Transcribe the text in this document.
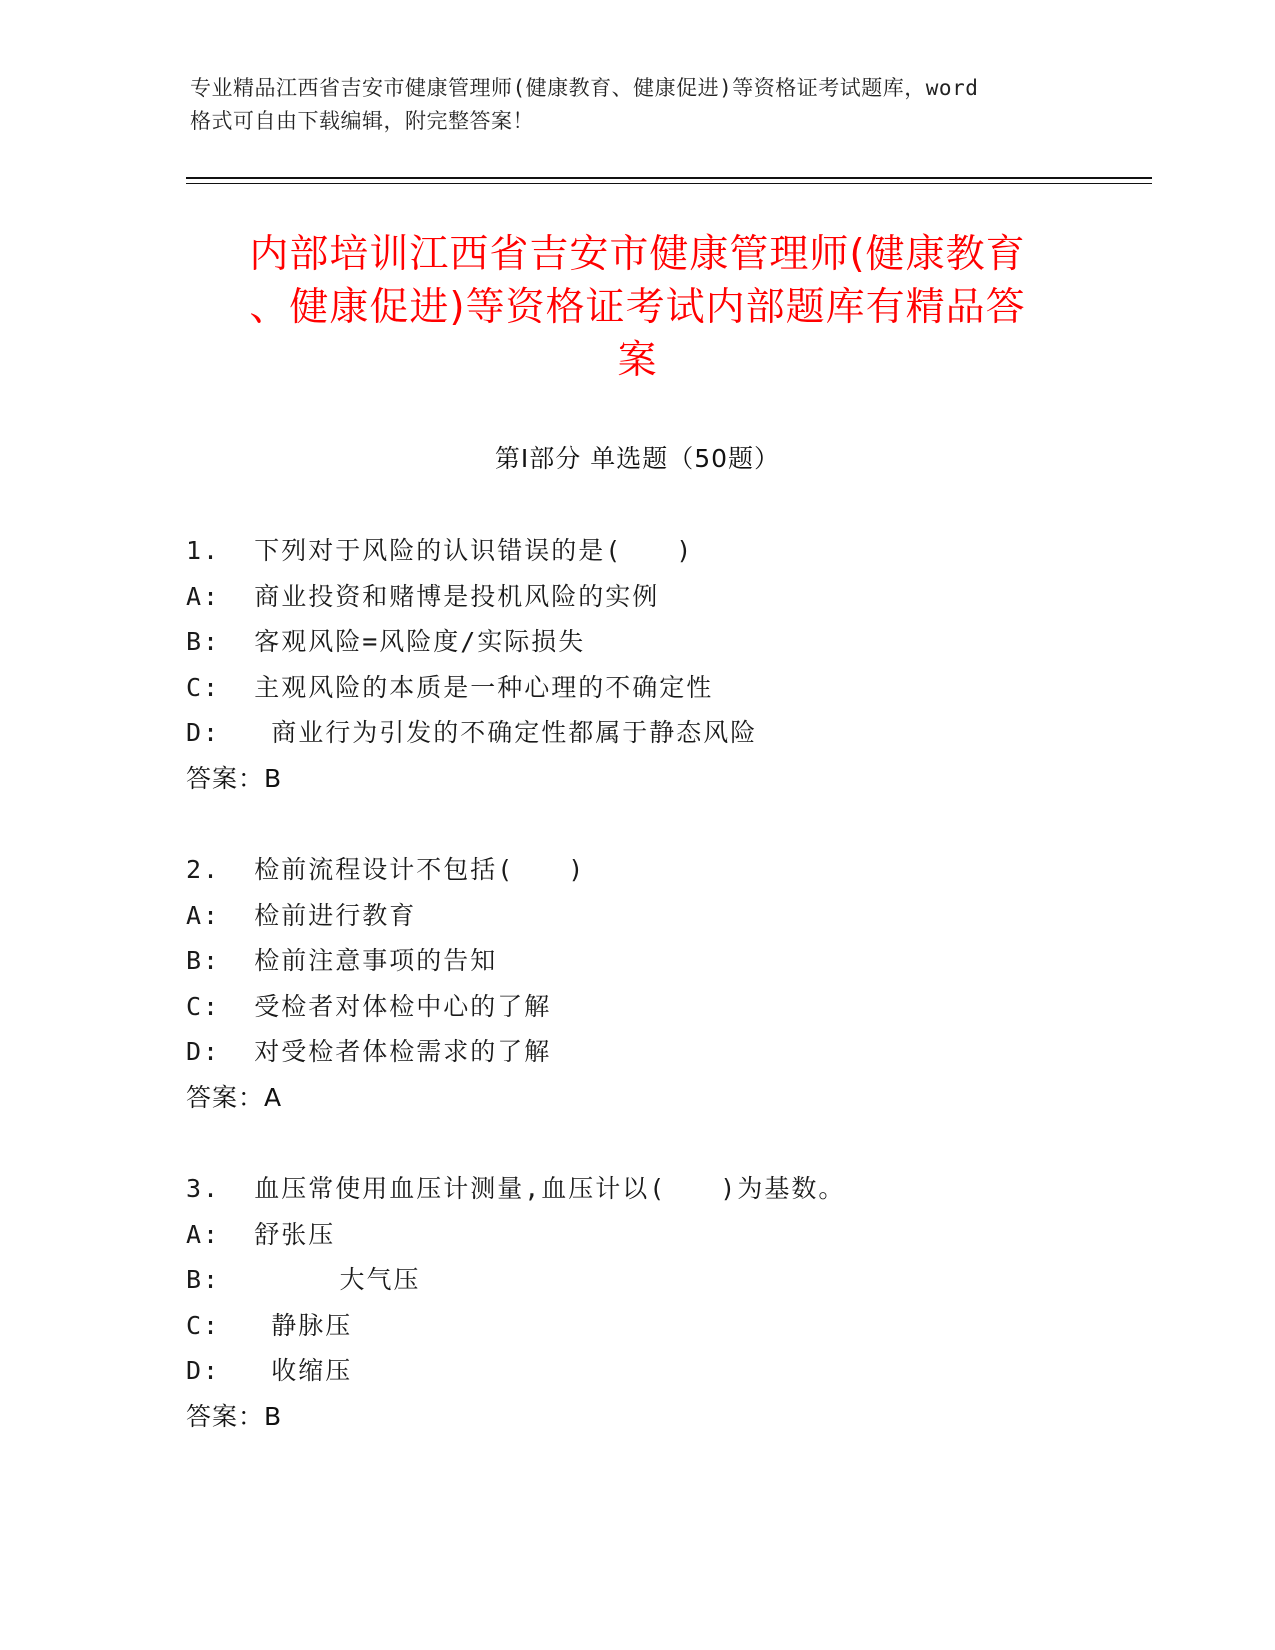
专业精品江西省吉安市健康管理师(健康教育、健康促进)等资格证考试题库，word
格式可自由下载编辑，附完整答案！
内部培训江西省吉安市健康管理师(健康教育
、健康促进)等资格证考试内部题库有精品答
案
第Ⅰ部分 单选题（50题）
1.  下列对于风险的认识错误的是(　　)
A:  商业投资和赌博是投机风险的实例
B:  客观风险=风险度/实际损失
C:  主观风险的本质是一种心理的不确定性
D:   商业行为引发的不确定性都属于静态风险
答案：B
2.  检前流程设计不包括(　　)
A:  检前进行教育
B:  检前注意事项的告知
C:  受检者对体检中心的了解
D:  对受检者体检需求的了解
答案：A
3.  血压常使用血压计测量,血压计以(　　)为基数。
A:  舒张压
B:       大气压
C:   静脉压
D:   收缩压
答案：B
